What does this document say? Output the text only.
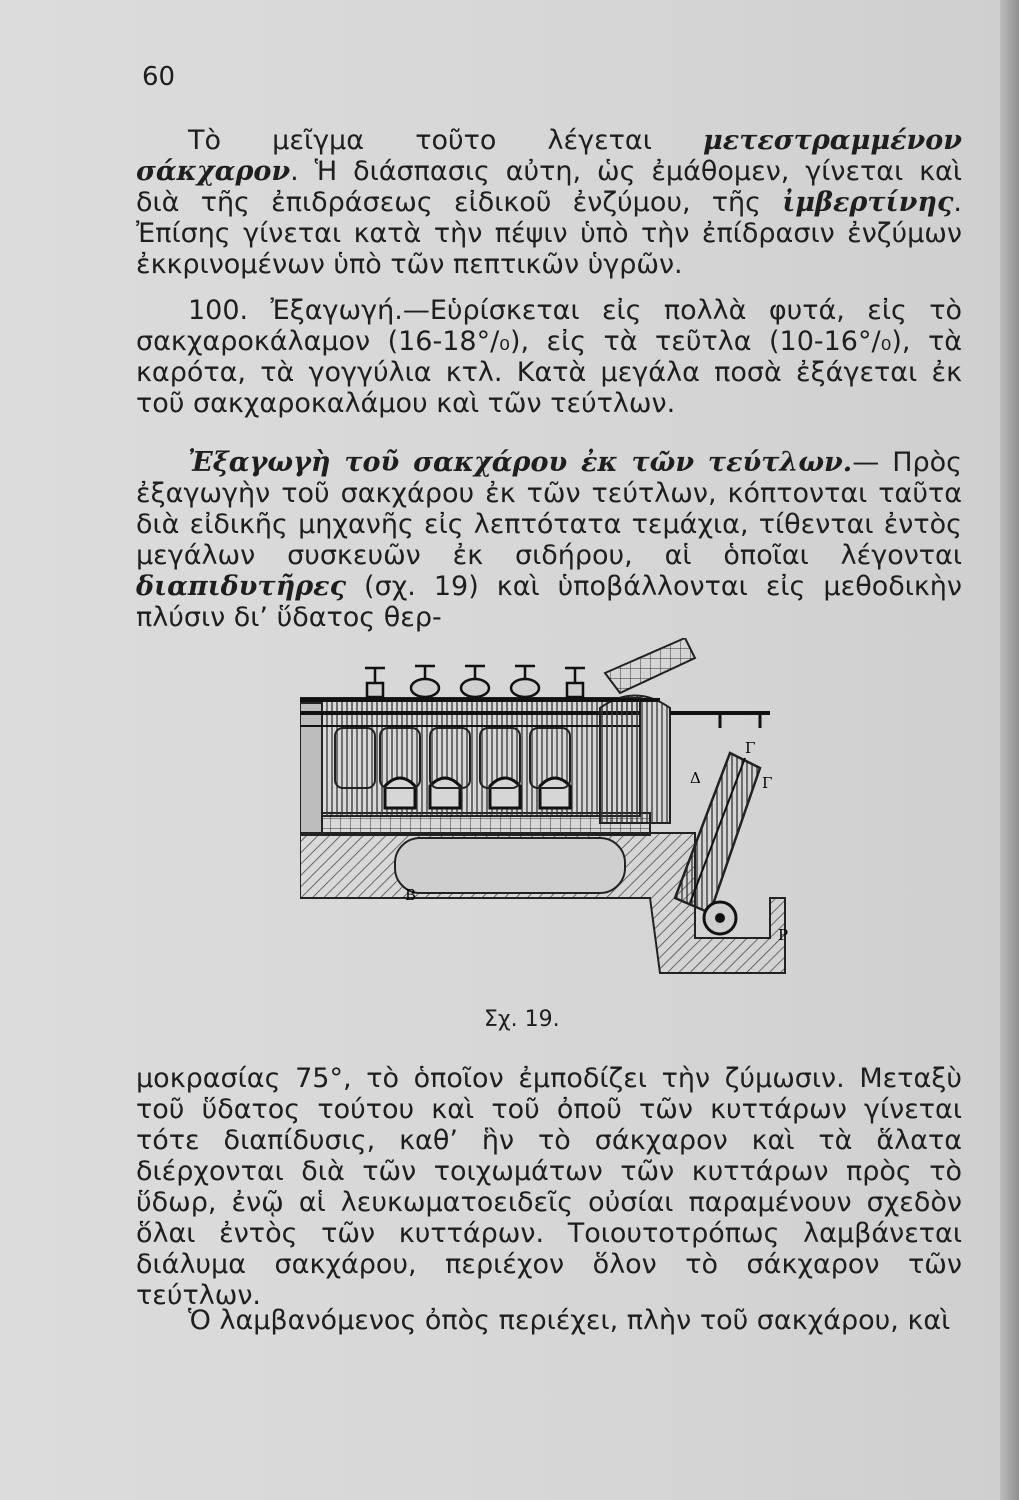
60

Τὸ μεῖγμα τοῦτο λέγεται μετεστραμμένον σάκχαρον. Ἡ διάσπασις αὐτη, ὡς ἐμάθομεν, γίνεται καὶ διὰ τῆς ἐπιδράσεως εἰδικοῦ ἐνζύμου, τῆς ἰμβερτίνης. Ἐπίσης γίνεται κατὰ τὴν πέψιν ὑπὸ τὴν ἐπίδρασιν ἐνζύμων ἐκκρινομένων ὑπὸ τῶν πεπτικῶν ὑγρῶν.

100. Ἐξαγωγή.—Εὑρίσκεται εἰς πολλὰ φυτά, εἰς τὸ σακχαροκάλαμον (16-18°/₀), εἰς τὰ τεῦτλα (10-16°/₀), τὰ καρότα, τὰ γογγύλια κτλ. Κατὰ μεγάλα ποσὰ ἐξάγεται ἐκ τοῦ σακχαροκαλάμου καὶ τῶν τεύτλων.

Ἐξαγωγὴ τοῦ σακχάρου ἐκ τῶν τεύτλων.— Πρὸς ἐξαγωγὴν τοῦ σακχάρου ἐκ τῶν τεύτλων, κόπτονται ταῦτα διὰ εἰδικῆς μηχανῆς εἰς λεπτότατα τεμάχια, τίθενται ἐντὸς μεγάλων συσκευῶν ἐκ σιδήρου, αἱ ὁποῖαι λέγονται διαπιδυτῆρες (σχ. 19) καὶ ὑποβάλλονται εἰς μεθοδικὴν πλύσιν δι’ ὕδατος θερ-

Γ
Δ	Γ
Β
Ρ
Σχ. 19.

μοκρασίας 75°, τὸ ὁποῖον ἐμποδίζει τὴν ζύμωσιν. Μεταξὺ τοῦ ὕδατος τούτου καὶ τοῦ ὀποῦ τῶν κυττάρων γίνεται τότε διαπίδυσις, καθ’ ἣν τὸ σάκχαρον καὶ τὰ ἅλατα διέρχονται διὰ τῶν τοιχωμάτων τῶν κυττάρων πρὸς τὸ ὕδωρ, ἐνῷ αἱ λευκωματοειδεῖς οὐσίαι παραμένουν σχεδὸν ὅλαι ἐντὸς τῶν κυττάρων. Τοιουτοτρόπως λαμβάνεται διάλυμα σακχάρου, περιέχον ὅλον τὸ σάκχαρον τῶν τεύτλων.

Ὁ λαμβανόμενος ὀπὸς περιέχει, πλὴν τοῦ σακχάρου, καὶ
